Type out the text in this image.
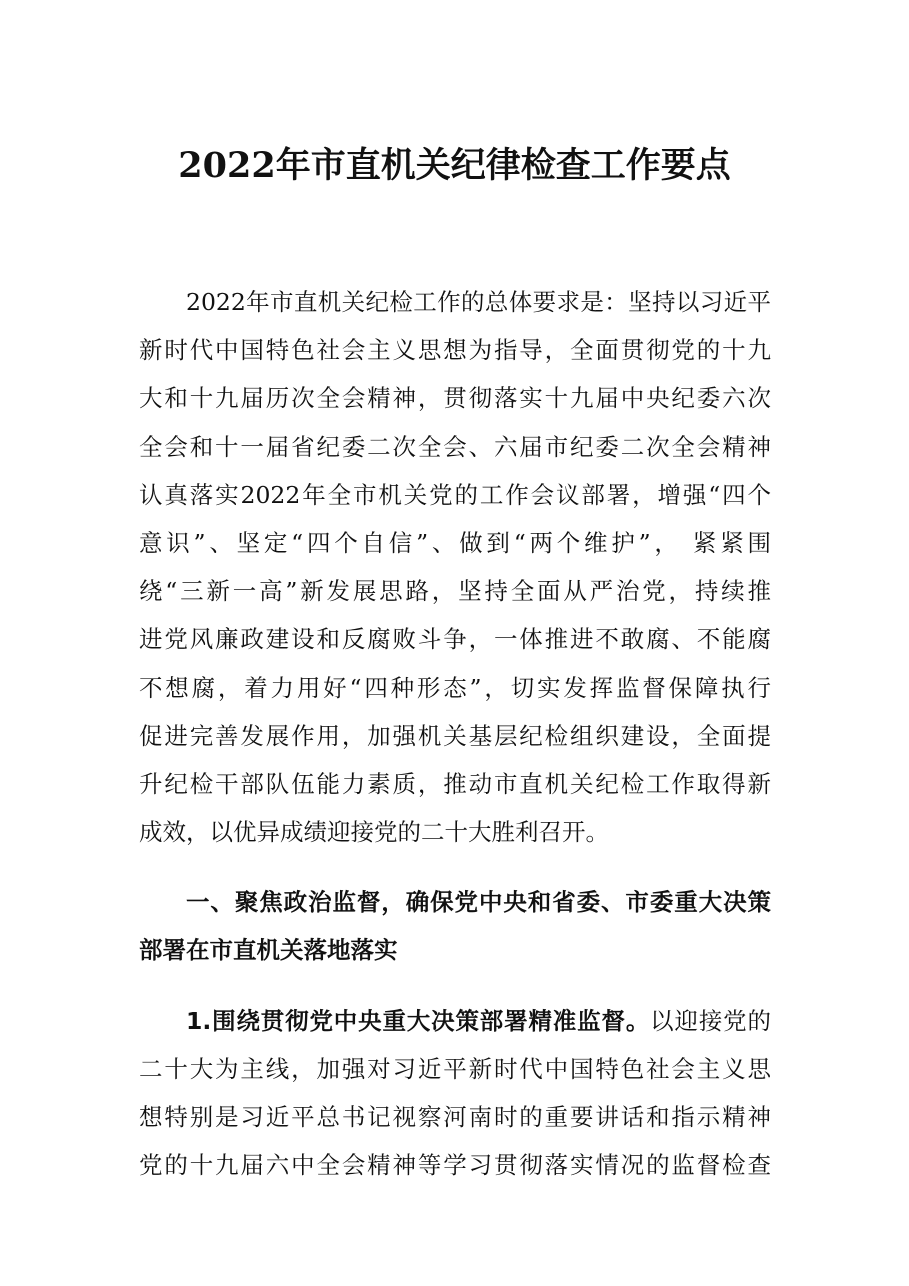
2022年市直机关纪律检查工作要点
2022年市直机关纪检工作的总体要求是：坚持以习近平
新时代中国特色社会主义思想为指导，全面贯彻党的十九
大和十九届历次全会精神，贯彻落实十九届中央纪委六次
全会和十一届省纪委二次全会、六届市纪委二次全会精神
认真落实2022年全市机关党的工作会议部署，增强“四个
意识”、坚定“四个自信”、做到“两个维护”， 紧紧围
绕“三新一高”新发展思路，坚持全面从严治党，持续推
进党风廉政建设和反腐败斗争，一体推进不敢腐、不能腐
不想腐，着力用好“四种形态”，切实发挥监督保障执行
促进完善发展作用，加强机关基层纪检组织建设，全面提
升纪检干部队伍能力素质，推动市直机关纪检工作取得新
成效，以优异成绩迎接党的二十大胜利召开。
一、聚焦政治监督，确保党中央和省委、市委重大决策
部署在市直机关落地落实
1.围绕贯彻党中央重大决策部署精准监督。以迎接党的
二十大为主线，加强对习近平新时代中国特色社会主义思
想特别是习近平总书记视察河南时的重要讲话和指示精神
党的十九届六中全会精神等学习贯彻落实情况的监督检查
